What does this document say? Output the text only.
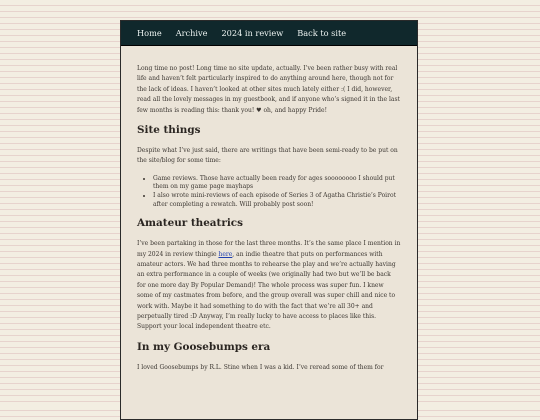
Home Archive 2024 in review Back to site

Long time no post! Long time no site update, actually. I’ve been rather busy with real life and haven’t felt particularly inspired to do anything around here, though not for the lack of ideas. I haven’t looked at other sites much lately either :( I did, however, read all the lovely messages in my guestbook, and if anyone who’s signed it in the last few months is reading this: thank you! ♥ oh, and happy Pride!

Site things

Despite what I’ve just said, there are writings that have been semi-ready to be put on the site/blog for some time:

• Game reviews. Those have actually been ready for ages soooooooo I should put them on my game page mayhaps
• I also wrote mini-reviews of each episode of Series 3 of Agatha Christie’s Poirot after completing a rewatch. Will probably post soon!
Amateur theatrics

I’ve been partaking in those for the last three months. It’s the same place I mention in my 2024 in review thingie here, an indie theatre that puts on performances with amateur actors. We had three months to rehearse the play and we’re actually having an extra performance in a couple of weeks (we originally had two but we’ll be back for one more day By Popular Demand)! The whole process was super fun. I knew some of my castmates from before, and the group overall was super chill and nice to work with. Maybe it had something to do with the fact that we’re all 30+ and perpetually tired :D Anyway, I’m really lucky to have access to places like this. Support your local independent theatre etc.

In my Goosebumps era

I loved Goosebumps by R.L. Stine when I was a kid. I’ve reread some of them for
